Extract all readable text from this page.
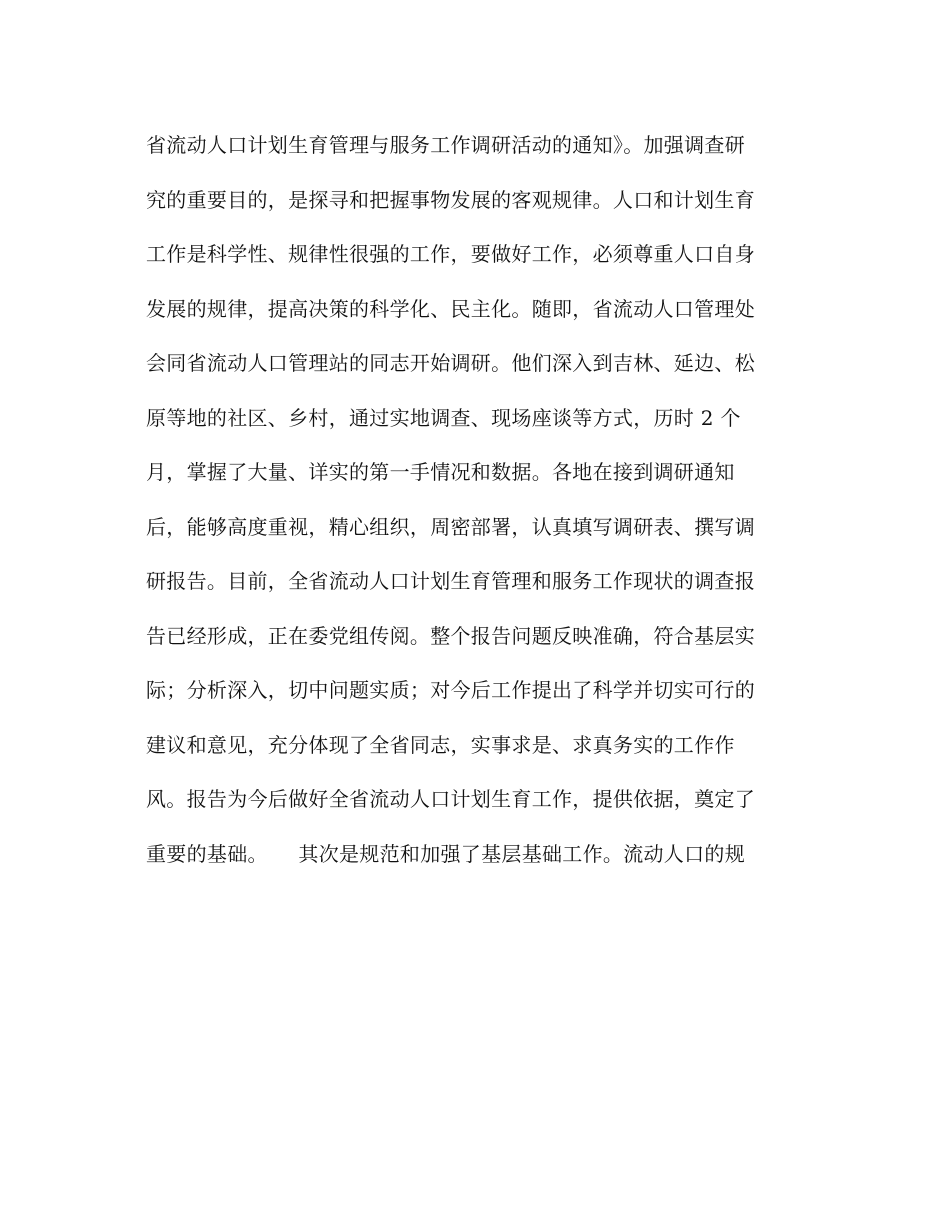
省流动人口计划生育管理与服务工作调研活动的通知》。加强调查研
究的重要目的，是探寻和把握事物发展的客观规律。人口和计划生育
工作是科学性、规律性很强的工作，要做好工作，必须尊重人口自身
发展的规律，提高决策的科学化、民主化。随即，省流动人口管理处
会同省流动人口管理站的同志开始调研。他们深入到吉林、延边、松
原等地的社区、乡村，通过实地调查、现场座谈等方式，历时 2 个
月，掌握了大量、详实的第一手情况和数据。各地在接到调研通知
后，能够高度重视，精心组织，周密部署，认真填写调研表、撰写调
研报告。目前，全省流动人口计划生育管理和服务工作现状的调查报
告已经形成，正在委党组传阅。整个报告问题反映准确，符合基层实
际；分析深入，切中问题实质；对今后工作提出了科学并切实可行的
建议和意见，充分体现了全省同志，实事求是、求真务实的工作作
风。报告为今后做好全省流动人口计划生育工作，提供依据，奠定了
重要的基础。　　其次是规范和加强了基层基础工作。流动人口的规
